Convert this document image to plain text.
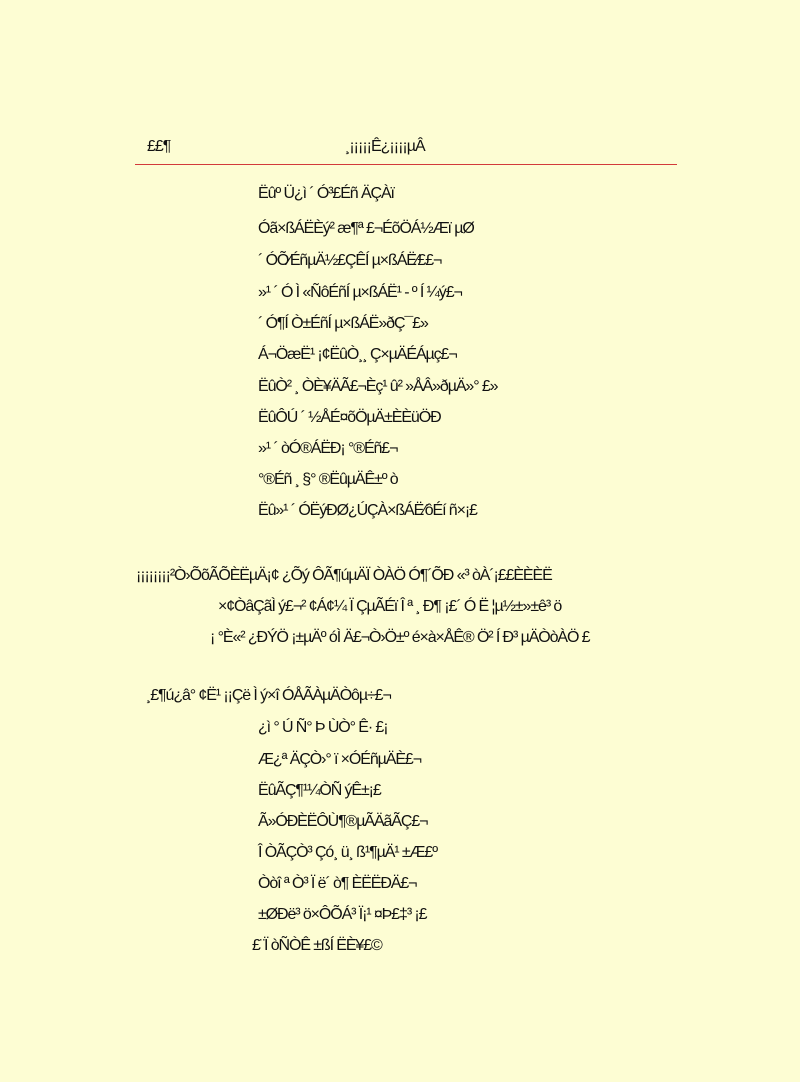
££¶	¸¡¡¡¡¡Ê¿¡¡¡¡µÂ
Ëûº Ü¿ì ´ Ó³£Éñ ÄÇÀï
Óã×ßÁËÈý² æ¶ª £¬ÉõÖÁ½Æï µØ
´ ÓÕ⁄ÉñµÄ½£ÇÊÍ µ×ßÁË⁄££¬
»¹ ´ Ó Ì «ÑôÉñÍ µ×ßÁË¹ - º Í ¼ý£¬
´ Ó¶Í Ò±ÉñÍ µ×ßÁË»ðÇ¯£»
Á¬ÖæË¹ ¡¢ËûÒ¸¸ Ç×µÄÉÁµç£¬
ËûÒ² ¸ ÒÈ¥ÄÃ£¬Èç¹ û² »ÅÂ»ðµÄ»° £»
ËûÔÚ ´ ½ÅÉ¤õÖµÄ±ÈÈüÖÐ
»¹ ´ òÓ®ÁËÐ¡ °®Éñ£¬
°®Éñ ¸ §° ®ËûµÄÊ±º ò
Ëû»¹ ´ ÓËýÐØ¿ÚÇÀ×ßÁË⁄ôÉí ñ×¡£
¡¡¡¡¡¡¡¡²Ò›ÕõÃÕÈËµÄ¡¢ ¿Õý ÔÃ¶úµÄÏ ÒÀÖ Ó¶´ÕÐ «³ òÀ´¡££ÈÈÈË
×¢ÒâÇãÌ ý£¬² ¢Á¢¼ Ï ÇµÃÉï Î ª ¸ Ð¶ ¡£´ Ó Ë ¦µ½±»±ê³ ö
¡ °È«² ¿ÐÝÖ ¡±µÄº óÌ Ä£¬Ò›Ö±º é×à×ÅÊ® Ö² Í Ð³ µÄÒòÀÖ £
¸£¶ú¿â° ¢Ë¹ ¡¡Çë Ì ý×î ÓÅÃÀµÄÒôµ÷£¬
¿ì ° Ú Ñ° Þ ÙÒ° Ê· £¡
Æ¿ª ÄÇÒ›° ï ×ÓÉñµÄÈ£¬
ËûÃÇ¶¹¼ÒÑ ýÊ±¡£
Ã»ÓÐÈËÔÙ¶®µÃÄãÃÇ£¬
Î ÒÃÇÒ³ Çó¸ ü¸ ß¹¶µÄ¹ ±Æ£º
Òòî ª Ò³ Ï ë´ ò¶ ÈËËÐÄ£¬
±ØÐë³ ö×ÔÕÁ³ Ï¡¹ ¤Þ£‡³ ¡£
£¨Ï òÑÒÊ ±ßÍ ËÈ¥£©
